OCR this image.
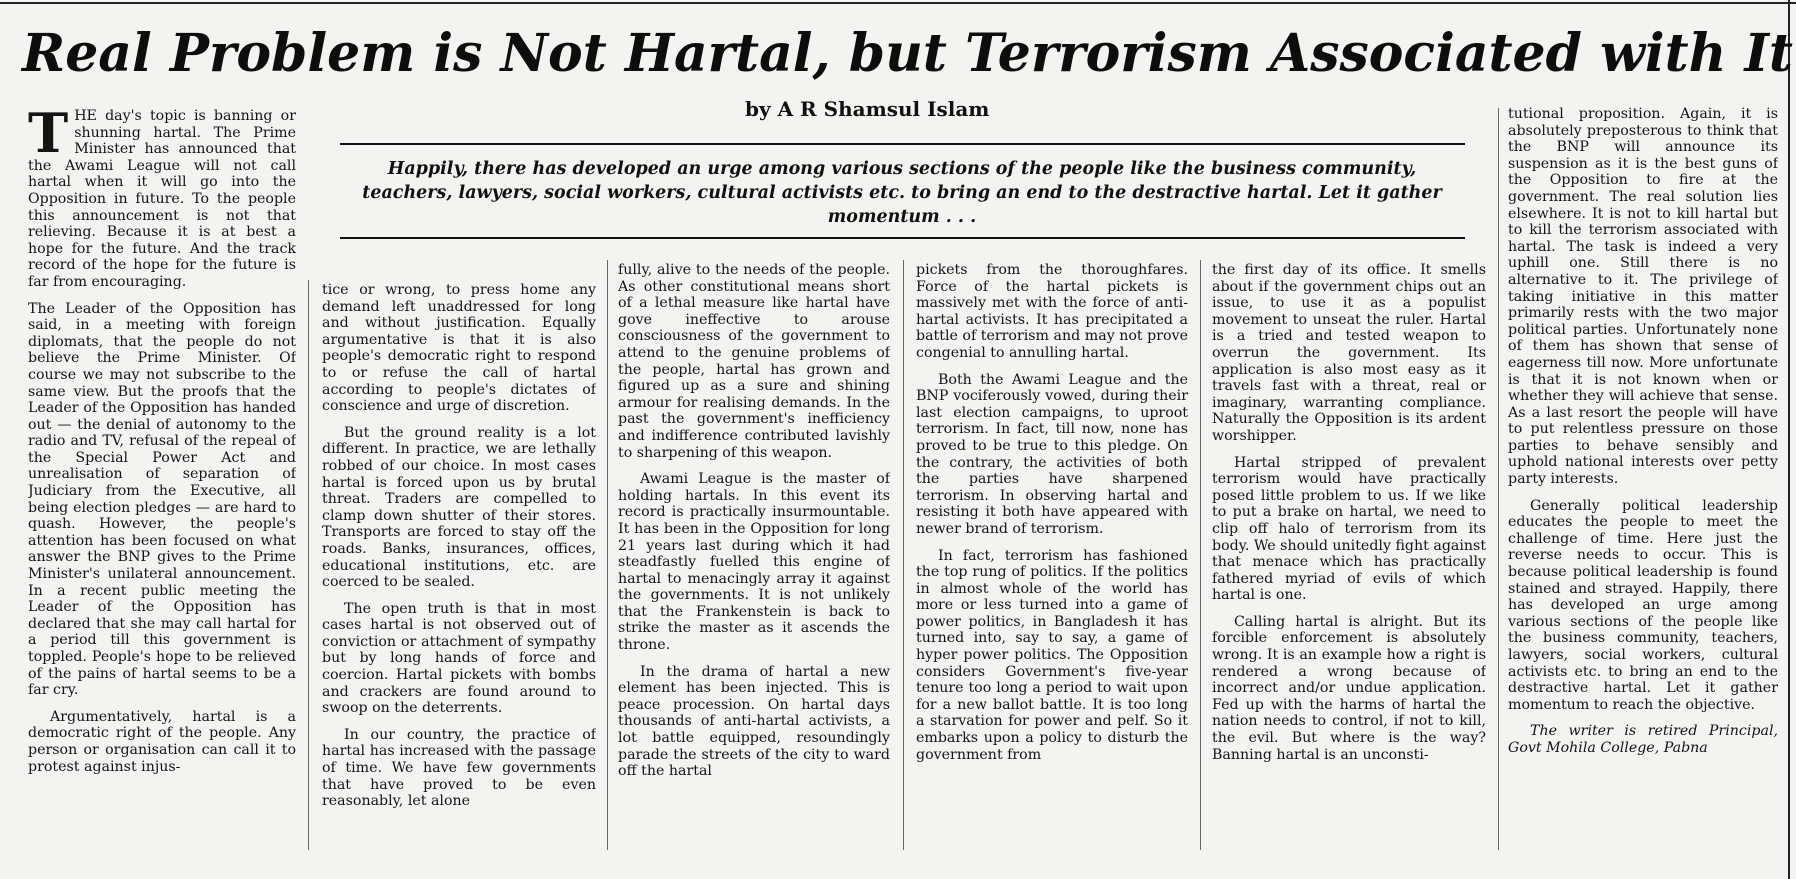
Real Problem is Not Hartal, but Terrorism Associated with It
by A R Shamsul Islam
Happily, there has developed an urge among various sections of the people like the business community, teachers, lawyers, social workers, cultural activists etc. to bring an end to the destractive hartal. Let it gather momentum . . .

THE day's topic is banning or shunning hartal. The Prime Minister has announced that the Awami League will not call hartal when it will go into the Opposition in future. To the people this announcement is not that relieving. Because it is at best a hope for the future. And the track record of the hope for the future is far from encouraging.

The Leader of the Opposition has said, in a meeting with foreign diplomats, that the people do not believe the Prime Minister. Of course we may not subscribe to the same view. But the proofs that the Leader of the Opposition has handed out — the denial of autonomy to the radio and TV, refusal of the repeal of the Special Power Act and unrealisation of separation of Judiciary from the Executive, all being election pledges — are hard to quash. However, the people's attention has been focused on what answer the BNP gives to the Prime Minister's unilateral announcement. In a recent public meeting the Leader of the Opposition has declared that she may call hartal for a period till this government is toppled. People's hope to be relieved of the pains of hartal seems to be a far cry.

Argumentatively, hartal is a democratic right of the people. Any person or organisation can call it to protest against injus-

tice or wrong, to press home any demand left unaddressed for long and without justification. Equally argumentative is that it is also people's democratic right to respond to or refuse the call of hartal according to people's dictates of conscience and urge of discretion.

But the ground reality is a lot different. In practice, we are lethally robbed of our choice. In most cases hartal is forced upon us by brutal threat. Traders are compelled to clamp down shutter of their stores. Transports are forced to stay off the roads. Banks, insurances, offices, educational institutions, etc. are coerced to be sealed.

The open truth is that in most cases hartal is not observed out of conviction or attachment of sympathy but by long hands of force and coercion. Hartal pickets with bombs and crackers are found around to swoop on the deterrents.

In our country, the practice of hartal has increased with the passage of time. We have few governments that have proved to be even reasonably, let alone

fully, alive to the needs of the people. As other constitutional means short of a lethal measure like hartal have gove ineffective to arouse consciousness of the government to attend to the genuine problems of the people, hartal has grown and figured up as a sure and shining armour for realising demands. In the past the government's inefficiency and indifference contributed lavishly to sharpening of this weapon.

Awami League is the master of holding hartals. In this event its record is practically insurmountable. It has been in the Opposition for long 21 years last during which it had steadfastly fuelled this engine of hartal to menacingly array it against the governments. It is not unlikely that the Frankenstein is back to strike the master as it ascends the throne.

In the drama of hartal a new element has been injected. This is peace procession. On hartal days thousands of anti-hartal activists, a lot battle equipped, resoundingly parade the streets of the city to ward off the hartal

pickets from the thoroughfares. Force of the hartal pickets is massively met with the force of anti-hartal activists. It has precipitated a battle of terrorism and may not prove congenial to annulling hartal.

Both the Awami League and the BNP vociferously vowed, during their last election campaigns, to uproot terrorism. In fact, till now, none has proved to be true to this pledge. On the contrary, the activities of both the parties have sharpened terrorism. In observing hartal and resisting it both have appeared with newer brand of terrorism.

In fact, terrorism has fashioned the top rung of politics. If the politics in almost whole of the world has more or less turned into a game of power politics, in Bangladesh it has turned into, say to say, a game of hyper power politics. The Opposition considers Government's five-year tenure too long a period to wait upon for a new ballot battle. It is too long a starvation for power and pelf. So it embarks upon a policy to disturb the government from

the first day of its office. It smells about if the government chips out an issue, to use it as a populist movement to unseat the ruler. Hartal is a tried and tested weapon to overrun the government. Its application is also most easy as it travels fast with a threat, real or imaginary, warranting compliance. Naturally the Opposition is its ardent worshipper.

Hartal stripped of prevalent terrorism would have practically posed little problem to us. If we like to put a brake on hartal, we need to clip off halo of terrorism from its body. We should unitedly fight against that menace which has practically fathered myriad of evils of which hartal is one.

Calling hartal is alright. But its forcible enforcement is absolutely wrong. It is an example how a right is rendered a wrong because of incorrect and/or undue application. Fed up with the harms of hartal the nation needs to control, if not to kill, the evil. But where is the way? Banning hartal is an unconsti-

tutional proposition. Again, it is absolutely preposterous to think that the BNP will announce its suspension as it is the best guns of the Opposition to fire at the government. The real solution lies elsewhere. It is not to kill hartal but to kill the terrorism associated with hartal. The task is indeed a very uphill one. Still there is no alternative to it. The privilege of taking initiative in this matter primarily rests with the two major political parties. Unfortunately none of them has shown that sense of eagerness till now. More unfortunate is that it is not known when or whether they will achieve that sense. As a last resort the people will have to put relentless pressure on those parties to behave sensibly and uphold national interests over petty party interests.

Generally political leadership educates the people to meet the challenge of time. Here just the reverse needs to occur. This is because political leadership is found stained and strayed. Happily, there has developed an urge among various sections of the people like the business community, teachers, lawyers, social workers, cultural activists etc. to bring an end to the destractive hartal. Let it gather momentum to reach the objective.

The writer is retired Principal, Govt Mohila College, Pabna
